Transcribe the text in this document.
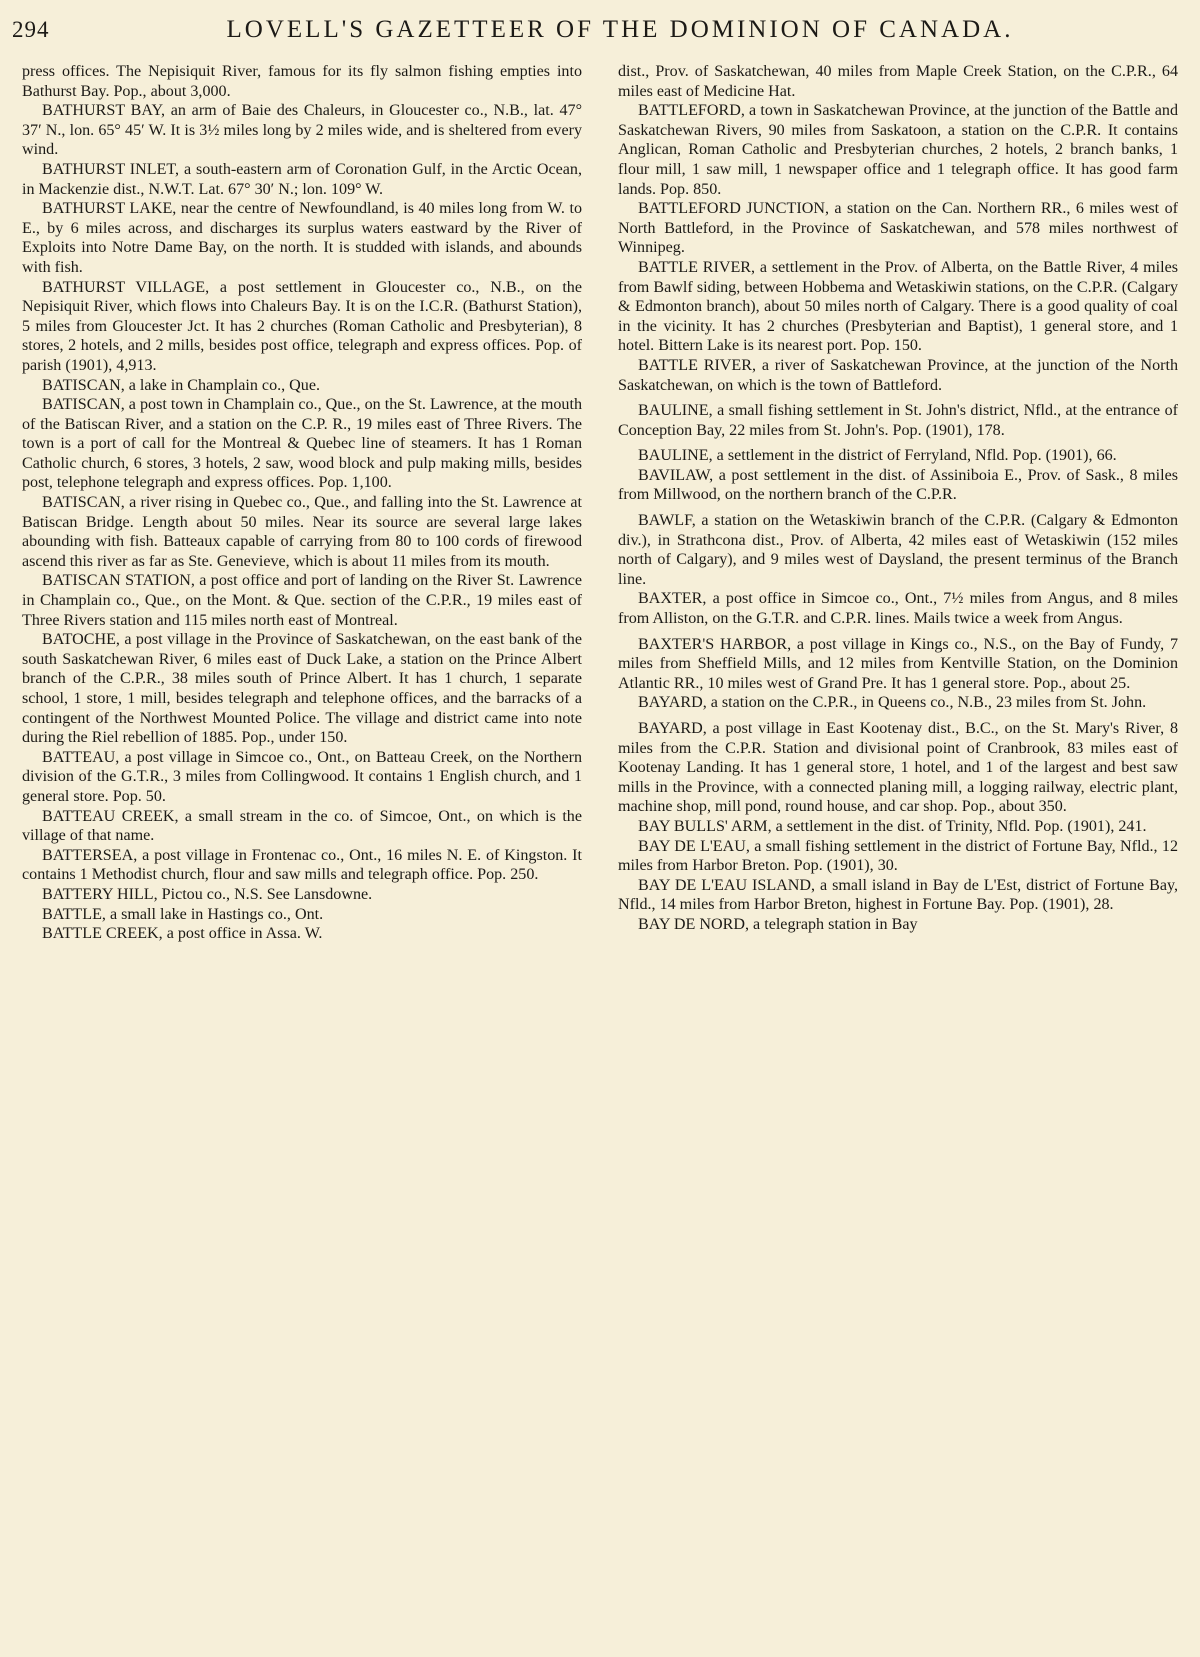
294	LOVELL'S GAZETTEER OF THE DOMINION OF CANADA.

press offices. The Nepisiquit River, famous for its fly salmon fishing empties into Bathurst Bay. Pop., about 3,000.

BATHURST BAY, an arm of Baie des Chaleurs, in Gloucester co., N.B., lat. 47° 37′ N., lon. 65° 45′ W. It is 3½ miles long by 2 miles wide, and is sheltered from every wind.

BATHURST INLET, a south-eastern arm of Coronation Gulf, in the Arctic Ocean, in Mackenzie dist., N.W.T. Lat. 67° 30′ N.; lon. 109° W.

BATHURST LAKE, near the centre of Newfoundland, is 40 miles long from W. to E., by 6 miles across, and discharges its surplus waters eastward by the River of Exploits into Notre Dame Bay, on the north. It is studded with islands, and abounds with fish.

BATHURST VILLAGE, a post settlement in Gloucester co., N.B., on the Nepisiquit River, which flows into Chaleurs Bay. It is on the I.C.R. (Bathurst Station), 5 miles from Gloucester Jct. It has 2 churches (Roman Catholic and Presbyterian), 8 stores, 2 hotels, and 2 mills, besides post office, telegraph and express offices. Pop. of parish (1901), 4,913.

BATISCAN, a lake in Champlain co., Que.

BATISCAN, a post town in Champlain co., Que., on the St. Lawrence, at the mouth of the Batiscan River, and a station on the C.P. R., 19 miles east of Three Rivers. The town is a port of call for the Montreal & Quebec line of steamers. It has 1 Roman Catholic church, 6 stores, 3 hotels, 2 saw, wood block and pulp making mills, besides post, telephone telegraph and express offices. Pop. 1,100.

BATISCAN, a river rising in Quebec co., Que., and falling into the St. Lawrence at Batiscan Bridge. Length about 50 miles. Near its source are several large lakes abounding with fish. Batteaux capable of carrying from 80 to 100 cords of firewood ascend this river as far as Ste. Genevieve, which is about 11 miles from its mouth.

BATISCAN STATION, a post office and port of landing on the River St. Lawrence in Champlain co., Que., on the Mont. & Que. section of the C.P.R., 19 miles east of Three Rivers station and 115 miles north east of Montreal.

BATOCHE, a post village in the Province of Saskatchewan, on the east bank of the south Saskatchewan River, 6 miles east of Duck Lake, a station on the Prince Albert branch of the C.P.R., 38 miles south of Prince Albert. It has 1 church, 1 separate school, 1 store, 1 mill, besides telegraph and telephone offices, and the barracks of a contingent of the Northwest Mounted Police. The village and district came into note during the Riel rebellion of 1885. Pop., under 150.

BATTEAU, a post village in Simcoe co., Ont., on Batteau Creek, on the Northern division of the G.T.R., 3 miles from Collingwood. It contains 1 English church, and 1 general store. Pop. 50.

BATTEAU CREEK, a small stream in the co. of Simcoe, Ont., on which is the village of that name.

BATTERSEA, a post village in Frontenac co., Ont., 16 miles N. E. of Kingston. It contains 1 Methodist church, flour and saw mills and telegraph office. Pop. 250.

BATTERY HILL, Pictou co., N.S. See Lansdowne.

BATTLE, a small lake in Hastings co., Ont.

BATTLE CREEK, a post office in Assa. W.

dist., Prov. of Saskatchewan, 40 miles from Maple Creek Station, on the C.P.R., 64 miles east of Medicine Hat.

BATTLEFORD, a town in Saskatchewan Province, at the junction of the Battle and Saskatchewan Rivers, 90 miles from Saskatoon, a station on the C.P.R. It contains Anglican, Roman Catholic and Presbyterian churches, 2 hotels, 2 branch banks, 1 flour mill, 1 saw mill, 1 newspaper office and 1 telegraph office. It has good farm lands. Pop. 850.

BATTLEFORD JUNCTION, a station on the Can. Northern RR., 6 miles west of North Battleford, in the Province of Saskatchewan, and 578 miles northwest of Winnipeg.

BATTLE RIVER, a settlement in the Prov. of Alberta, on the Battle River, 4 miles from Bawlf siding, between Hobbema and Wetaskiwin stations, on the C.P.R. (Calgary & Edmonton branch), about 50 miles north of Calgary. There is a good quality of coal in the vicinity. It has 2 churches (Presbyterian and Baptist), 1 general store, and 1 hotel. Bittern Lake is its nearest port. Pop. 150.

BATTLE RIVER, a river of Saskatchewan Province, at the junction of the North Saskatchewan, on which is the town of Battleford.

BAULINE, a small fishing settlement in St. John's district, Nfld., at the entrance of Conception Bay, 22 miles from St. John's. Pop. (1901), 178.

BAULINE, a settlement in the district of Ferryland, Nfld. Pop. (1901), 66.

BAVILAW, a post settlement in the dist. of Assiniboia E., Prov. of Sask., 8 miles from Millwood, on the northern branch of the C.P.R.

BAWLF, a station on the Wetaskiwin branch of the C.P.R. (Calgary & Edmonton div.), in Strathcona dist., Prov. of Alberta, 42 miles east of Wetaskiwin (152 miles north of Calgary), and 9 miles west of Daysland, the present terminus of the Branch line.

BAXTER, a post office in Simcoe co., Ont., 7½ miles from Angus, and 8 miles from Alliston, on the G.T.R. and C.P.R. lines. Mails twice a week from Angus.

BAXTER'S HARBOR, a post village in Kings co., N.S., on the Bay of Fundy, 7 miles from Sheffield Mills, and 12 miles from Kentville Station, on the Dominion Atlantic RR., 10 miles west of Grand Pre. It has 1 general store. Pop., about 25.

BAYARD, a station on the C.P.R., in Queens co., N.B., 23 miles from St. John.

BAYARD, a post village in East Kootenay dist., B.C., on the St. Mary's River, 8 miles from the C.P.R. Station and divisional point of Cranbrook, 83 miles east of Kootenay Landing. It has 1 general store, 1 hotel, and 1 of the largest and best saw mills in the Province, with a connected planing mill, a logging railway, electric plant, machine shop, mill pond, round house, and car shop. Pop., about 350.

BAY BULLS' ARM, a settlement in the dist. of Trinity, Nfld. Pop. (1901), 241.

BAY DE L'EAU, a small fishing settlement in the district of Fortune Bay, Nfld., 12 miles from Harbor Breton. Pop. (1901), 30.

BAY DE L'EAU ISLAND, a small island in Bay de L'Est, district of Fortune Bay, Nfld., 14 miles from Harbor Breton, highest in Fortune Bay. Pop. (1901), 28.

BAY DE NORD, a telegraph station in Bay
